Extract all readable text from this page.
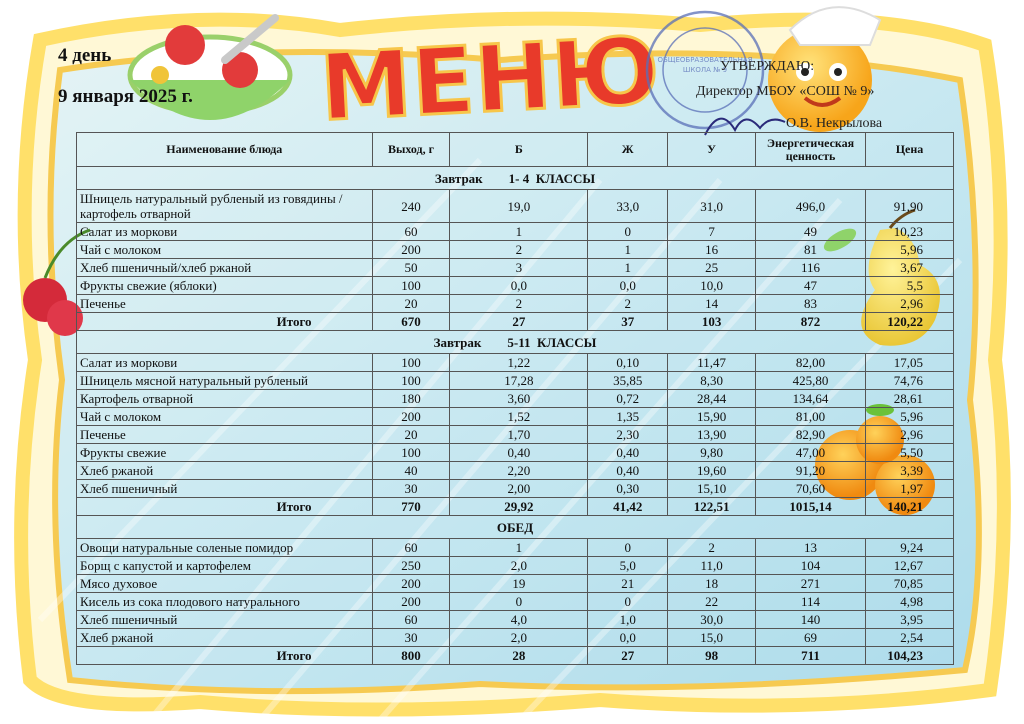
МЕНЮ
ОБЩЕОБРАЗОВАТЕЛЬНАЯ
ШКОЛА № 9
4 день
9 января 2025 г.
УТВЕРЖДАЮ:
Директор МБОУ «СОШ № 9»
О.В. Некрылова
Наименование блюда	Выход, г	Б	Ж	У	Энергетическая ценность	Цена
Завтрак        1- 4  КЛАССЫ						
Шницель натуральный рубленый из говядины /картофель отварной	240	19,0	33,0	31,0	496,0	91,90
Салат из моркови	60	1	0	7	49	10,23
Чай с молоком	200	2	1	16	81	5,96
Хлеб пшеничный/хлеб ржаной	50	3	1	25	116	3,67
Фрукты свежие (яблоки)	100	0,0	0,0	10,0	47	5,5
Печенье	20	2	2	14	83	2,96
Итого	670	27	37	103	872	120,22
Завтрак        5-11  КЛАССЫ						
Салат из моркови	100	1,22	0,10	11,47	82,00	17,05
Шницель мясной натуральный рубленый	100	17,28	35,85	8,30	425,80	74,76
Картофель отварной	180	3,60	0,72	28,44	134,64	28,61
Чай с молоком	200	1,52	1,35	15,90	81,00	5,96
Печенье	20	1,70	2,30	13,90	82,90	2,96
Фрукты свежие	100	0,40	0,40	9,80	47,00	5,50
Хлеб ржаной	40	2,20	0,40	19,60	91,20	3,39
Хлеб пшеничный	30	2,00	0,30	15,10	70,60	1,97
Итого	770	29,92	41,42	122,51	1015,14	140,21
ОБЕД						
Овощи натуральные соленые помидор	60	1	0	2	13	9,24
Борщ с капустой и картофелем	250	2,0	5,0	11,0	104	12,67
Мясо духовое	200	19	21	18	271	70,85
Кисель из сока плодового натурального	200	0	0	22	114	4,98
Хлеб пшеничный	60	4,0	1,0	30,0	140	3,95
Хлеб ржаной	30	2,0	0,0	15,0	69	2,54
Итого	800	28	27	98	711	104,23
